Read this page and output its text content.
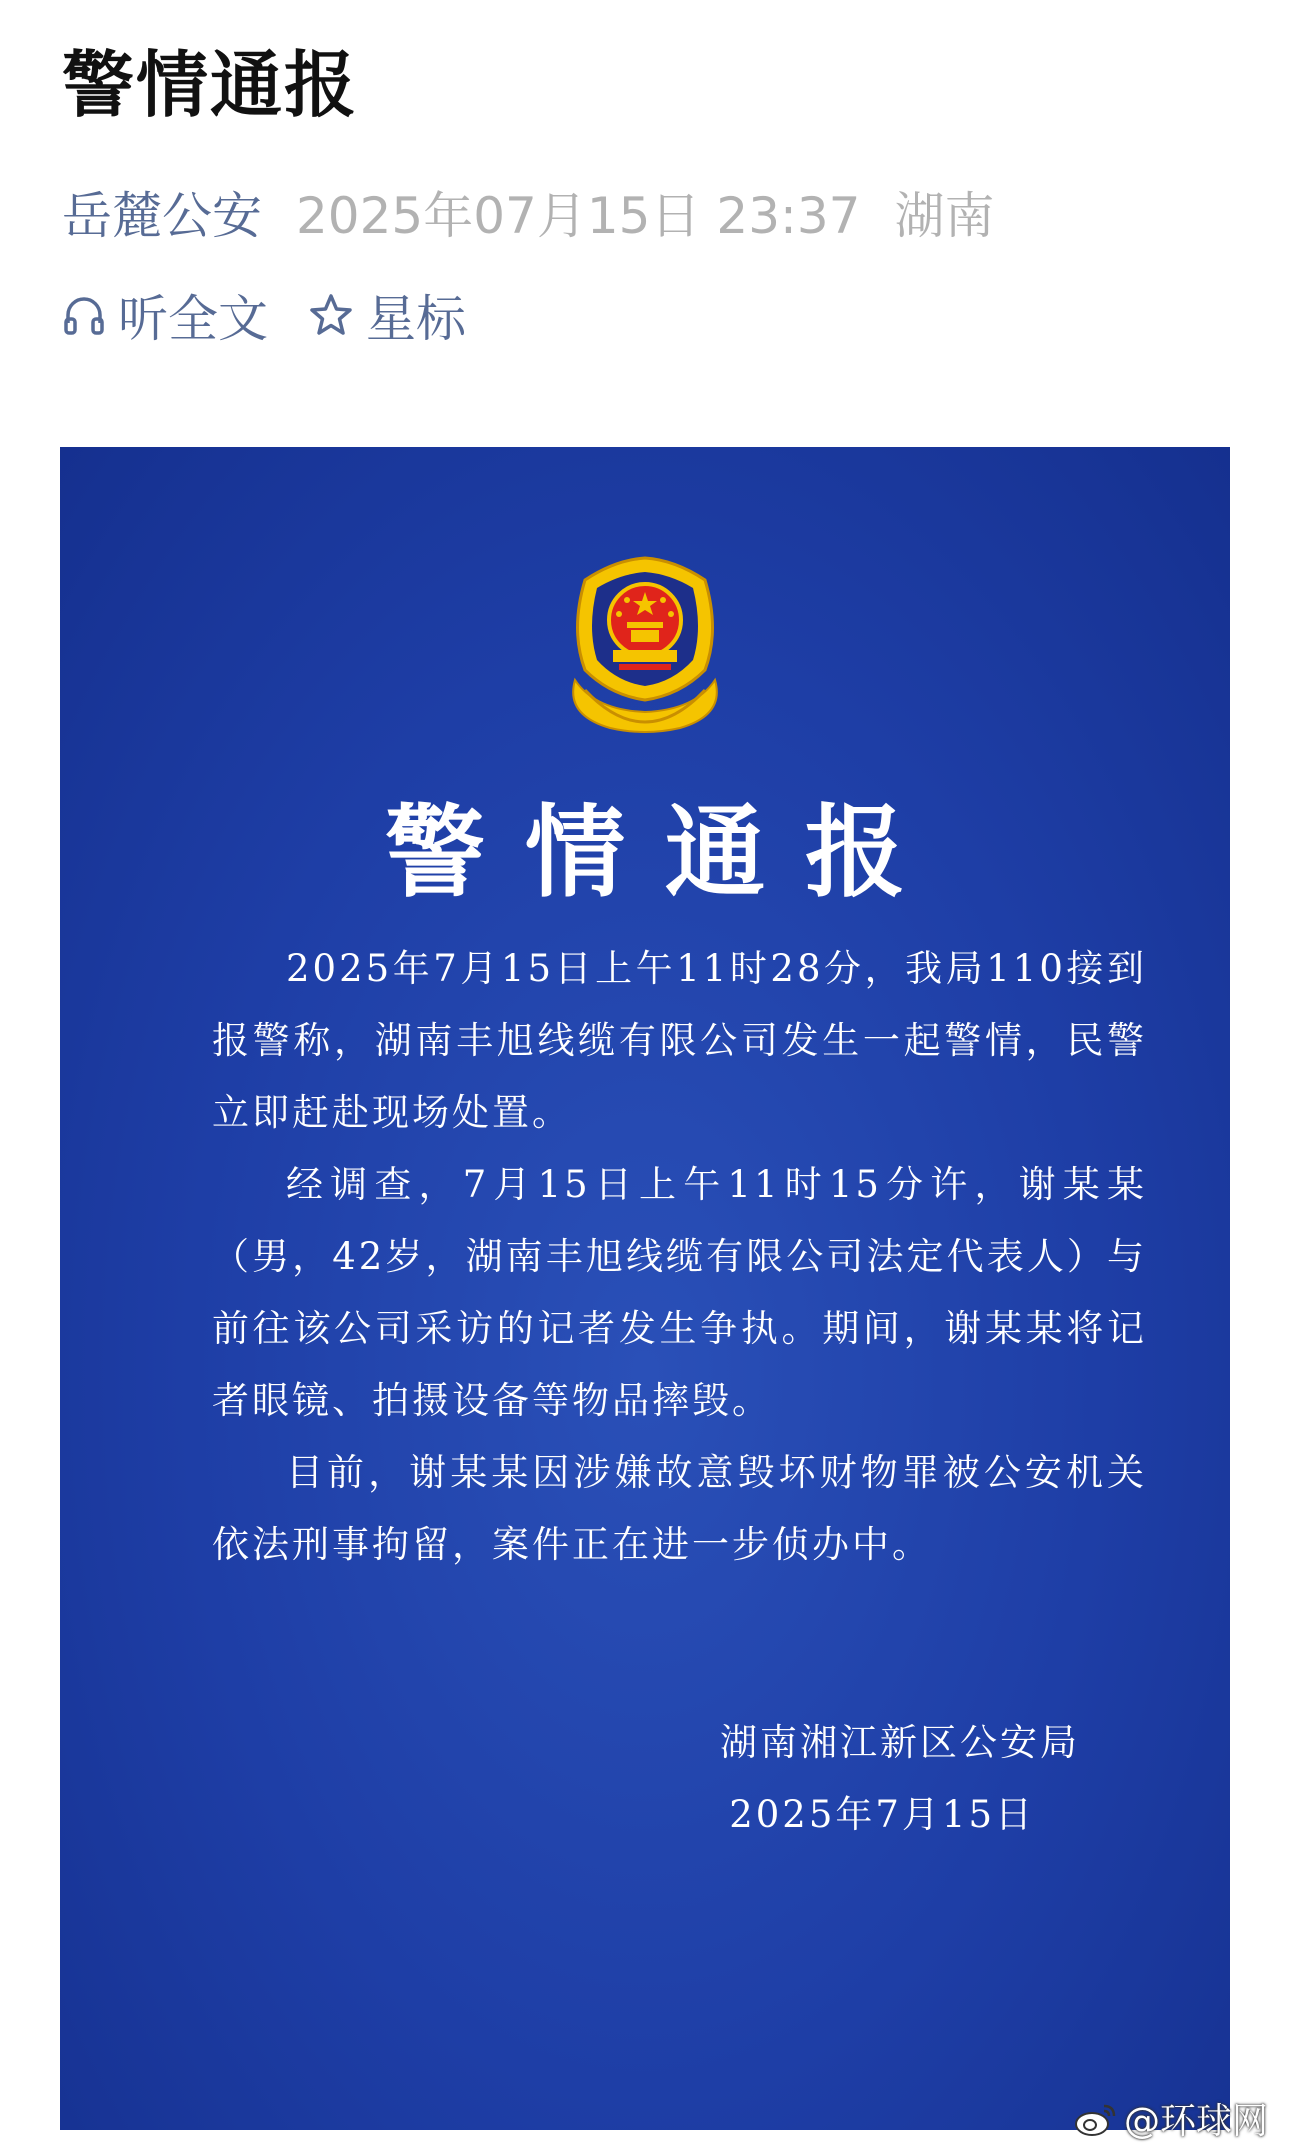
警情通报
岳麓公安 2025年07月15日 23:37 湖南
听全文 星标
警情通报

2025年7月15日上午11时28分，我局110接到报警称，湖南丰旭线缆有限公司发生一起警情，民警立即赶赴现场处置。

经调查，7月15日上午11时15分许，谢某某（男，42岁，湖南丰旭线缆有限公司法定代表人）与前往该公司采访的记者发生争执。期间，谢某某将记者眼镜、拍摄设备等物品摔毁。

目前，谢某某因涉嫌故意毁坏财物罪被公安机关依法刑事拘留，案件正在进一步侦办中。

湖南湘江新区公安局
2025年7月15日
@环球网
